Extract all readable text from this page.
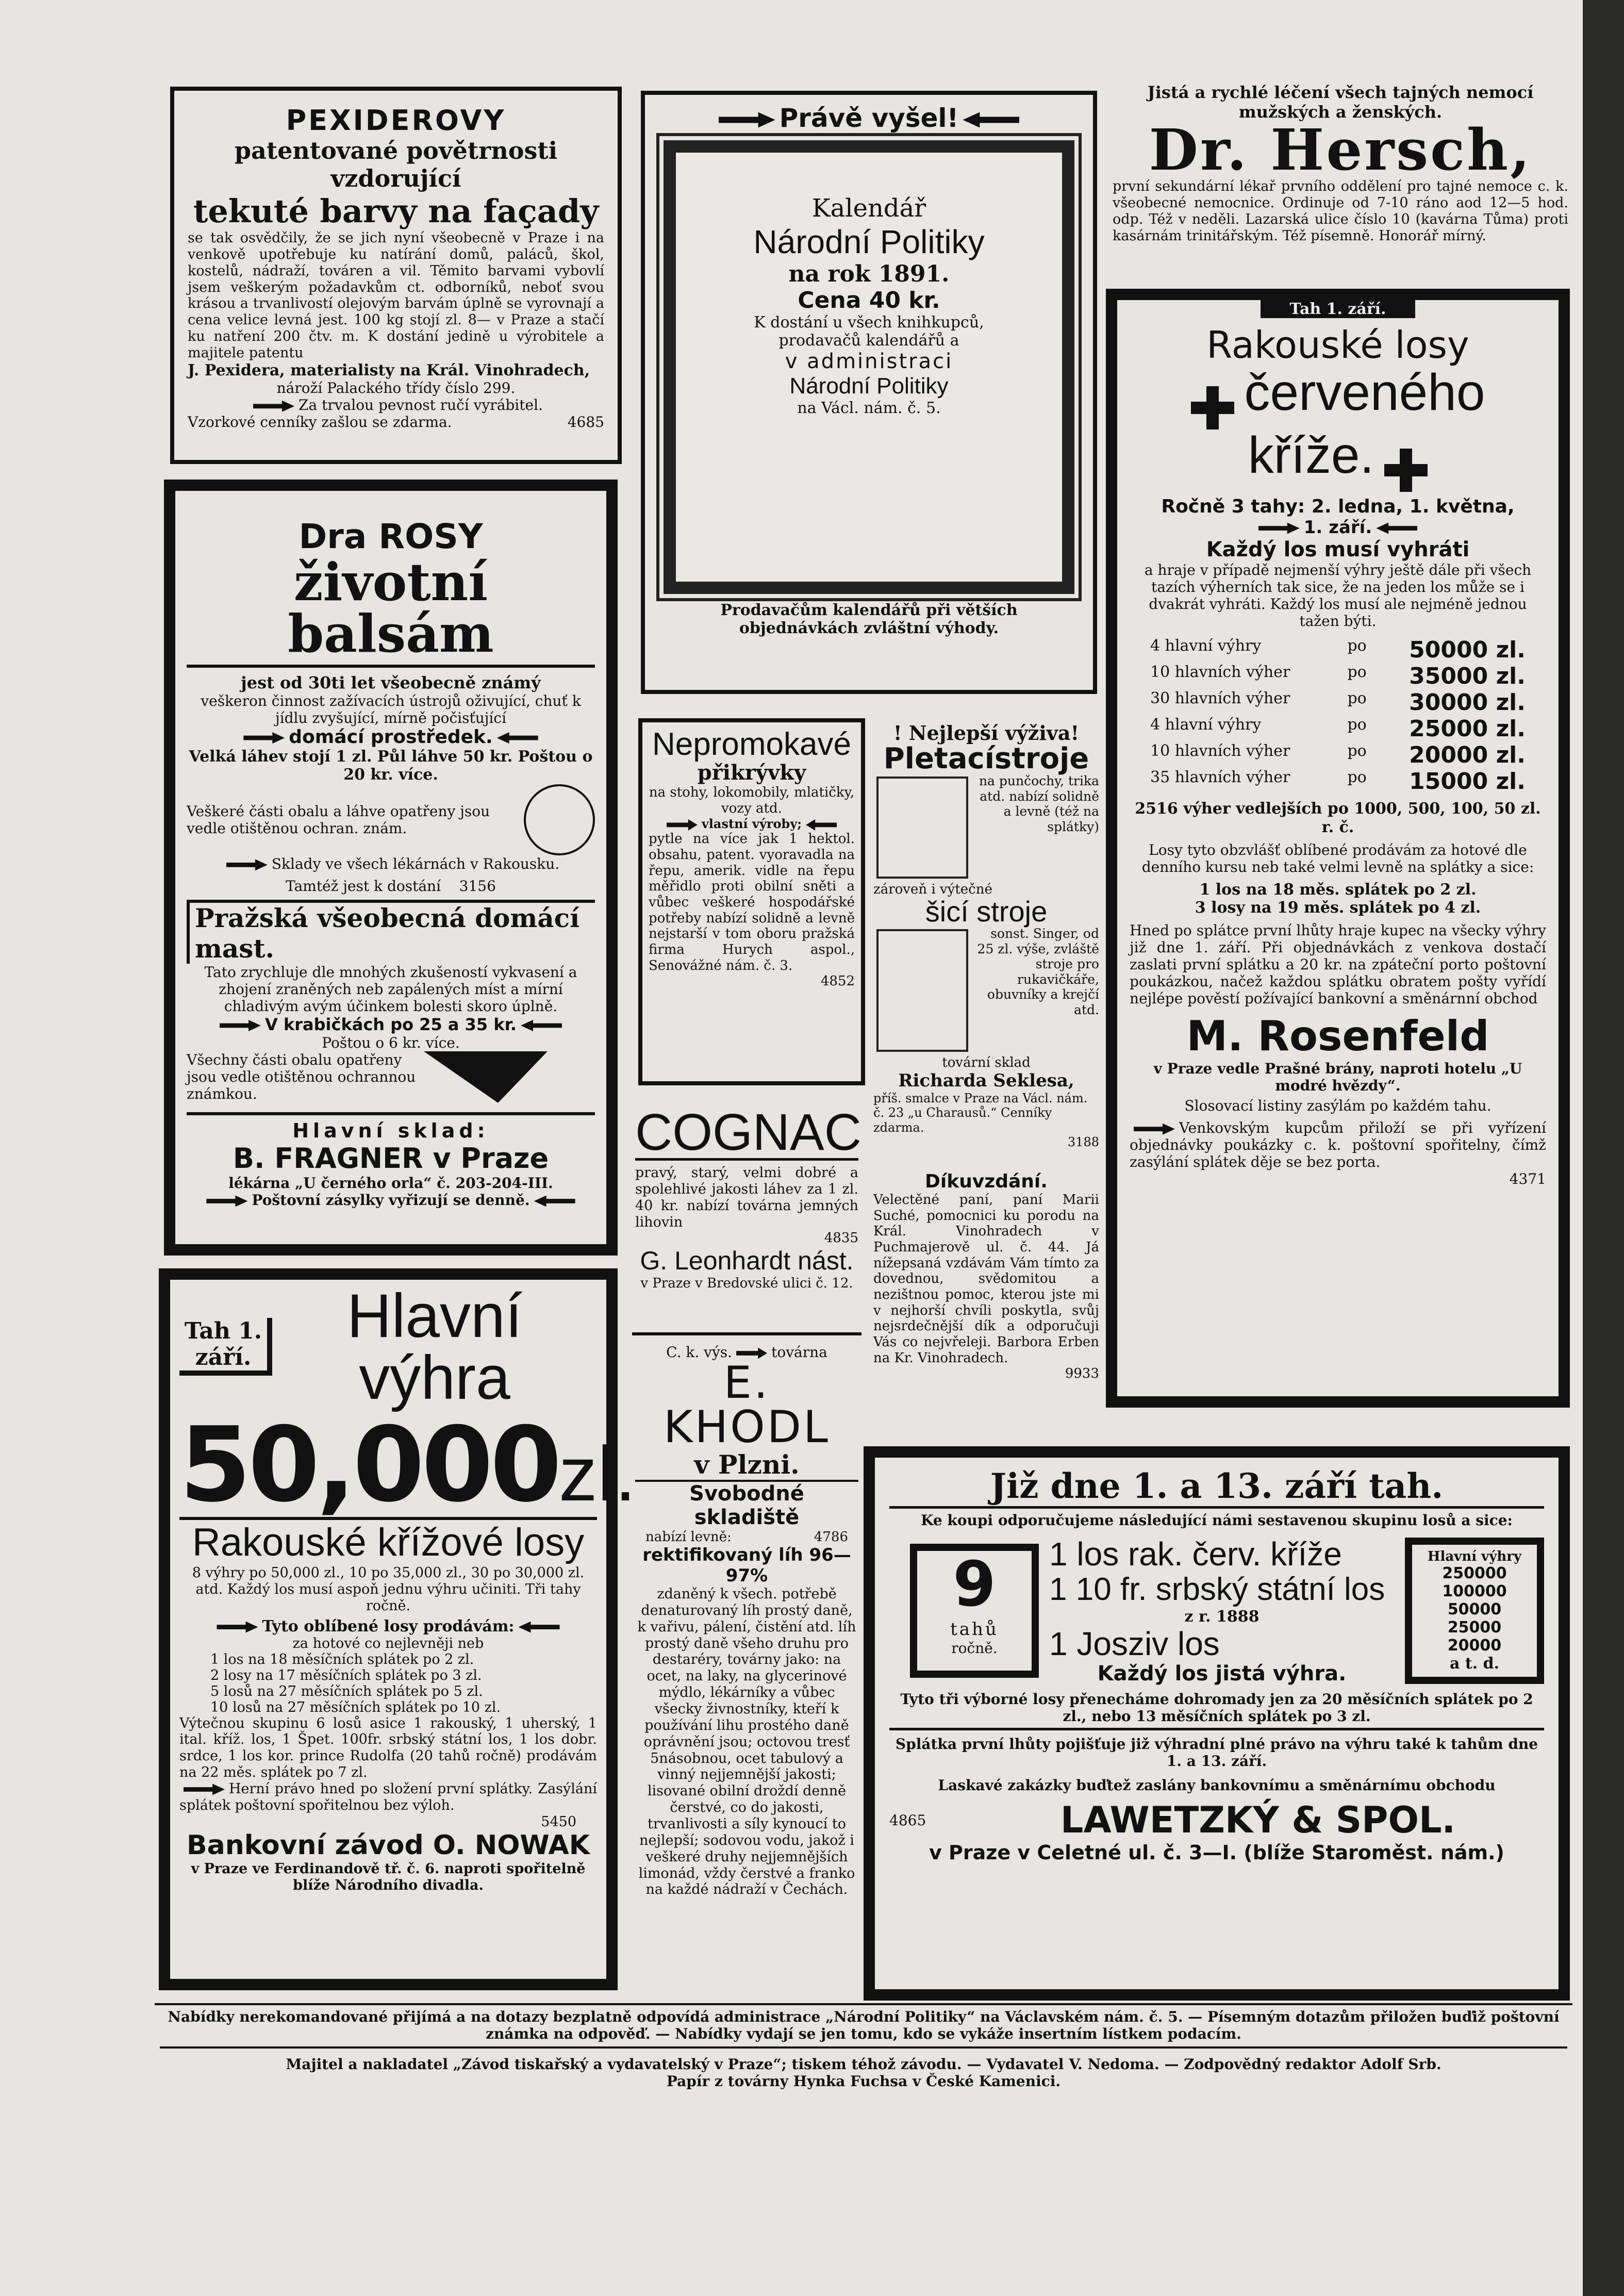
PEXIDEROVY
patentované povětrnosti vzdorující
tekuté barvy na façady

se tak osvědčily, že se jich nyní všeobecně v Praze i na venkově upotřebuje ku natírání domů, paláců, škol, kostelů, nádraží, továren a vil. Těmito barvami vybovlí jsem veškerým požadavkům ct. odborníků, neboť svou krásou a trvanlivostí olejovým barvám úplně se vyrovnají a cena velice levná jest. 100 kg stojí zl. 8— v Praze a stačí ku natření 200 čtv. m. K dostání jedině u výrobitele a majitele patentu

J. Pexidera, materialisty na Král. Vinohradech,

nároží Palackého třídy číslo 299.

Za trvalou pevnost ručí vyrábitel.

Vzorkové cenníky zašlou se zdarma.	4685
Právě vyšel!
Kalendář
Národní Politiky
na rok 1891.
Cena 40 kr.
K dostání u všech knihkupců, prodavačů kalendářů a
v administraci
Národní Politiky
na Václ. nám. č. 5.
Prodavačům kalendářů při větších objednávkách zvláštní výhody.
Jistá a rychlé léčení všech tajných nemocí mužských a ženských.
Dr. Hersch,

první sekundární lékař prvního oddělení pro tajné nemoce c. k. všeobecné nemocnice. Ordinuje od 7-10 ráno aod 12—5 hod. odp. Též v neděli. Lazarská ulice číslo 10 (kavárna Tůma) proti kasárnám trinitářským. Též písemně. Honorář mírný.

Dra ROSY
životní balsám
jest od 30ti let všeobecně známý

veškeron činnost zažívacích ústrojů oživující, chuť k jídlu zvyšující, mírně počisťující

domácí prostředek.

Velká láhev stojí 1 zl. Půl láhve 50 kr. Poštou o 20 kr. více.

Veškeré části obalu a láhve opatřeny jsou vedle otištěnou ochran. znám.

Sklady ve všech lékárnách v Rakousku.

Tamtéž jest k dostání 3156
Pražská všeobecná domácí mast.

Tato zrychluje dle mnohých zkušeností vykvasení a zhojení zraněných neb zapálených míst a mírní chladivým avým účinkem bolesti skoro úplně.

V krabičkách po 25 a 35 kr.
Poštou o 6 kr. více.

Všechny části obalu opatřeny jsou vedle otištěnou ochrannou známkou.

Hlavní sklad:
B. FRAGNER v Praze
lékárna „U černého orla“ č. 203-204-III.
Poštovní zásylky vyřizují se denně.
Nepromokavé
přikrývky

na stohy, lokomobily, mlatičky, vozy atd.

vlastní výroby;

pytle na více jak 1 hektol. obsahu, patent. vyoravadla na řepu, amerik. vidle na řepu měřidlo proti obilní sněti a vůbec veškeré hospodářské potřeby nabízí solidně a levně nejstarší v tom oboru pražská firma Hurych aspol., Senovážné nám. č. 3.

4852
! Nejlepší výživa!
Pletacístroje

na punčochy, trika atd. nabízí solidně a levně (též na splátky)

zároveň i výtečné
šicí stroje

sonst. Singer, od 25 zl. výše, zvláště stroje pro rukavičkáře, obuvníky a krejčí atd.

tovární sklad
Richarda Seklesa,

příš. smalce v Praze na Václ. nám. č. 23 „u Charausů.“ Cenníky zdarma.

3188
COGNAC

pravý, starý, velmi dobré a spolehlivé jakosti láhev za 1 zl. 40 kr. nabízí továrna jemných lihovin

4835
G. Leonhardt nást.
v Praze v Bredovské ulici č. 12.
Díkuvzdání.

Velectěné paní, paní Marii Suché, pomocnici ku porodu na Král. Vinohradech v Puchmajerově ul. č. 44. Já nížepsaná vzdávám Vám tímto za dovednou, svědomitou a nezištnou pomoc, kterou jste mi v nejhorší chvíli poskytla, svůj nejsrdečnější dík a odporučuji Vás co nejvřeleji. Barbora Erben na Kr. Vinohradech.

9933
C. k. výs.	továrna
E. KHODL
v Plzni.
Svobodné skladiště
nabízí levně:	4786
rektifikovaný líh 96—97%

zdaněný k všech. potřebě denaturovaný líh prostý daně, k vařivu, pálení, čistění atd. líh prostý daně všeho druhu pro destaréry, továrny jako: na ocet, na laky, na glycerinové mýdlo, lékárníky a vůbec všecky živnostníky, kteří k používání lihu prostého daně oprávnění jsou; octovou tresť 5násobnou, ocet tabulový a vinný nejjemnější jakosti; lisované obilní droždí denně čerstvé, co do jakosti, trvanlivosti a síly kynoucí to nejlepší; sodovou vodu, jakož i veškeré druhy nejjemnějších limonád, vždy čerstvé a franko na každé nádraží v Čechách.

Tah 1. září.
Hlavní výhra
50,000zl.
Rakouské křížové losy

8 výhry po 50,000 zl., 10 po 35,000 zl., 30 po 30,000 zl. atd. Každý los musí aspoň jednu výhru učiniti. Tři tahy ročně.

Tyto oblíbené losy prodávám:
za hotové co nejlevněji neb
1 los na 18 měsíčních splátek po 2 zl.
2 losy na 17 měsíčních splátek po 3 zl.
5 losů na 27 měsíčních splátek po 5 zl.
10 losů na 27 měsíčních splátek po 10 zl.

Výtečnou skupinu 6 losů asice 1 rakouský, 1 uherský, 1 ital. kříž. los, 1 Špet. 100fr. srbský státní los, 1 los dobr. srdce, 1 los kor. prince Rudolfa (20 tahů ročně) prodávám na 22 měs. splátek po 7 zl.

Herní právo hned po složení první splátky. Zasýlání splátek poštovní spořitelnou bez výloh.

5450
Bankovní závod O. NOWAK

v Praze ve Ferdinandově tř. č. 6. naproti spořitelně blíže Národního divadla.

Tah 1. září.
Rakouské losy
červeného kříže.
Ročně 3 tahy: 2. ledna, 1. května,
1. září.
Každý los musí vyhráti

a hraje v případě nejmenší výhry ještě dále při všech tazích výherních tak sice, že na jeden los může se i dvakrát vyhráti. Každý los musí ale nejméně jednou tažen býti.

4 hlavní výhry	po 50000 zl.
10 hlavních výher	po 35000 zl.
30 hlavních výher	po 30000 zl.
4 hlavní výhry	po 25000 zl.
10 hlavních výher	po 20000 zl.
35 hlavních výher	po 15000 zl.

2516 výher vedlejších po 1000, 500, 100, 50 zl. r. č.

Losy tyto obzvlášť oblíbené prodávám za hotové dle denního kursu neb také velmi levně na splátky a sice:

1 los na 18 měs. splátek po 2 zl.
3 losy na 19 měs. splátek po 4 zl.

Hned po splátce první lhůty hraje kupec na všecky výhry již dne 1. září. Při objednávkách z venkova dostačí zaslati první splátku a 20 kr. na zpáteční porto poštovní poukázkou, načež každou splátku obratem pošty vyřídí nejlépe pověstí požívající bankovní a směnárnní obchod

M. Rosenfeld

v Praze vedle Prašné brány, naproti hotelu „U modré hvězdy“.

Slosovací listiny zasýlám po každém tahu.

Venkovským kupcům přiloží se při vyřízení objednávky poukázky c. k. poštovní spořitelny, čímž zasýlání splátek děje se bez porta.

4371
Již dne 1. a 13. září tah.

Ke koupi odporučujeme následující námi sestavenou skupinu losů a sice:

9
tahů
ročně.
1 los rak. červ. kříže
1 10 fr. srbský státní los
z r. 1888
1 Josziv los
Každý los jistá výhra.
Hlavní výhry
250000
100000
50000
25000
20000
a t. d.

Tyto tři výborné losy přenecháme dohromady jen za 20 měsíčních splátek po 2 zl., nebo 13 měsíčních splátek po 3 zl.

Splátka první lhůty pojišťuje již výhradní plné právo na výhru také k tahům dne 1. a 13. září.

Laskavé zakázky buďtež zaslány bankovnímu a směnárnímu obchodu
4865	LAWETZKÝ & SPOL.
v Praze v Celetné ul. č. 3—I. (blíže Staroměst. nám.)

Nabídky nerekomandované přijímá a na dotazy bezplatně odpovídá administrace „Národní Politiky“ na Václavském nám. č. 5. — Písemným dotazům přiložen buďiž poštovní známka na odpověď. — Nabídky vydají se jen tomu, kdo se vykáže insertním lístkem podacím.

Majitel a nakladatel „Závod tiskařský a vydavatelský v Praze“; tiskem téhož závodu. — Vydavatel V. Nedoma. — Zodpovědný redaktor Adolf Srb.

Papír z továrny Hynka Fuchsa v České Kamenici.
